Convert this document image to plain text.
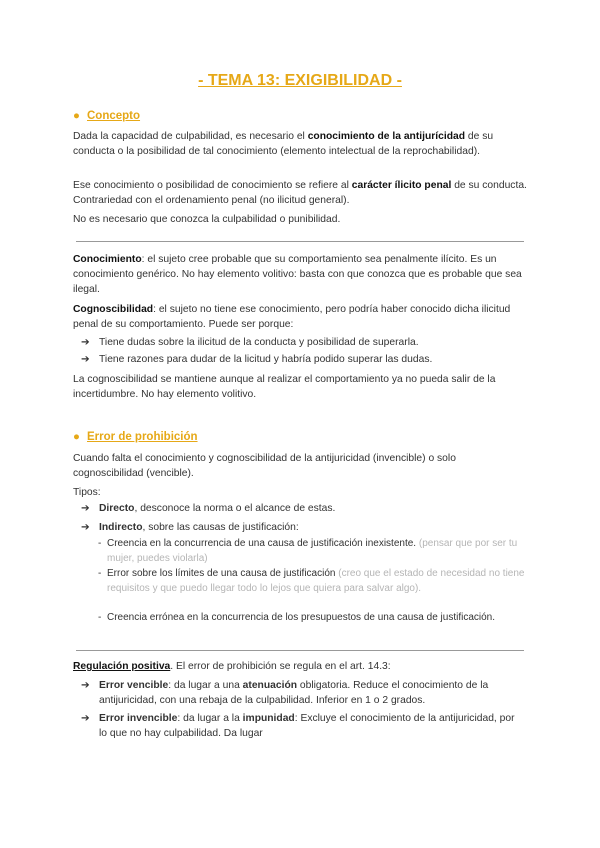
- TEMA 13: EXIGIBILIDAD -
● Concepto
Dada la capacidad de culpabilidad, es necesario el conocimiento de la antijurícidad de su conducta o la posibilidad de tal conocimiento (elemento intelectual de la reprochabilidad).
Ese conocimiento o posibilidad de conocimiento se refiere al carácter ílicito penal de su conducta. Contrariedad con el ordenamiento penal (no ilicitud general).
No es necesario que conozca la culpabilidad o punibilidad.
Conocimiento: el sujeto cree probable que su comportamiento sea penalmente ilícito. Es un conocimiento genérico. No hay elemento volitivo: basta con que conozca que es probable que sea ilegal.
Cognoscibilidad: el sujeto no tiene ese conocimiento, pero podría haber conocido dicha ilicitud penal de su comportamiento. Puede ser porque:
➔ Tiene dudas sobre la ilicitud de la conducta y posibilidad de superarla.
➔ Tiene razones para dudar de la licitud y habría podido superar las dudas.
La cognoscibilidad se mantiene aunque al realizar el comportamiento ya no pueda salir de la incertidumbre. No hay elemento volitivo.
● Error de prohibición
Cuando falta el conocimiento y cognoscibilidad de la antijuricidad (invencible) o solo cognoscibilidad (vencible).
Tipos:
➔ Directo, desconoce la norma o el alcance de estas.
➔ Indirecto, sobre las causas de justificación:
- Creencia en la concurrencia de una causa de justificación inexistente. (pensar que por ser tu mujer, puedes violarla)
- Error sobre los límites de una causa de justificación (creo que el estado de necesidad no tiene requisitos y que puedo llegar todo lo lejos que quiera para salvar algo).
- Creencia errónea en la concurrencia de los presupuestos de una causa de justificación.
Regulación positiva. El error de prohibición se regula en el art. 14.3:
➔ Error vencible: da lugar a una atenuación obligatoria. Reduce el conocimiento de la antijuricidad, con una rebaja de la culpabilidad. Inferior en 1 o 2 grados.
➔ Error invencible: da lugar a la impunidad: Excluye el conocimiento de la antijuricidad, por lo que no hay culpabilidad. Da lugar
